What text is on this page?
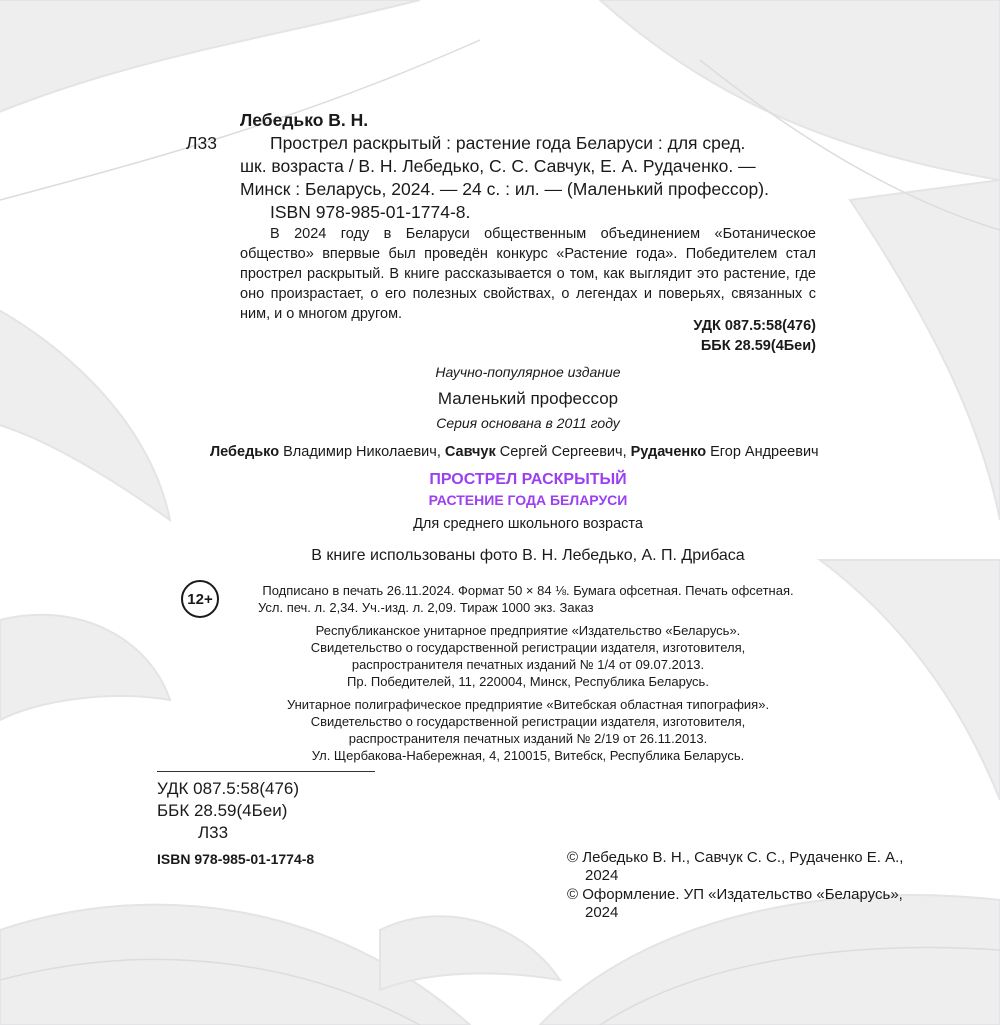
Лебедько В. Н.
Л33	Прострел раскрытый : растение года Беларуси : для сред.
шк. возраста / В. Н. Лебедько, С. С. Савчук, Е. А. Рудаченко. —
Минск : Беларусь, 2024. — 24 с. : ил. — (Маленький профессор).
ISBN 978-985-01-1774-8.

В 2024 году в Беларуси общественным объединением «Ботаническое общество» впервые был проведён конкурс «Растение года». Победителем стал прострел раскрытый. В книге рассказывается о том, как выглядит это растение, где оно произрастает, о его полезных свойствах, о легендах и поверьях, связанных с ним, и о многом другом.

УДК 087.5:58(476)
ББК 28.59(4Беи)
Научно-популярное издание
Маленький профессор
Серия основана в 2011 году
Лебедько Владимир Николаевич, Савчук Сергей Сергеевич, Рудаченко Егор Андреевич
ПРОСТРЕЛ РАСКРЫТЫЙ
РАСТЕНИЕ ГОДА БЕЛАРУСИ
Для среднего школьного возраста
В книге использованы фото В. Н. Лебедько, А. П. Дрибаса
12+	Подписано в печать 26.11.2024. Формат 50 × 84 ⅛. Бумага офсетная. Печать офсетная.
Усл. печ. л. 2,34. Уч.-изд. л. 2,09. Тираж 1000 экз. Заказ
Республиканское унитарное предприятие «Издательство «Беларусь».
Свидетельство о государственной регистрации издателя, изготовителя,
распространителя печатных изданий № 1/4 от 09.07.2013.
Пр. Победителей, 11, 220004, Минск, Республика Беларусь.
Унитарное полиграфическое предприятие «Витебская областная типография».
Свидетельство о государственной регистрации издателя, изготовителя,
распространителя печатных изданий № 2/19 от 26.11.2013.
Ул. Щербакова-Набережная, 4, 210015, Витебск, Республика Беларусь.
УДК 087.5:58(476)
ББК 28.59(4Беи)
Л33
ISBN 978-985-01-1774-8	© Лебедько В. Н., Савчук С. С., Рудаченко Е. А.,
2024
© Оформление. УП «Издательство «Беларусь»,
2024
